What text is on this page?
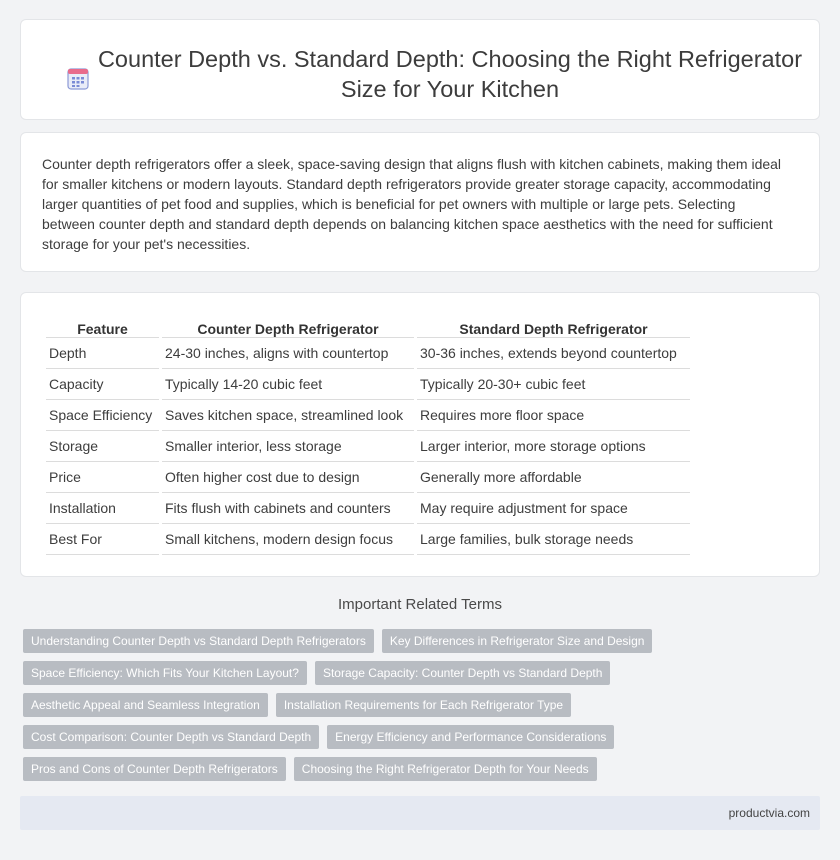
Counter Depth vs. Standard Depth: Choosing the Right Refrigerator Size for Your Kitchen

Counter depth refrigerators offer a sleek, space-saving design that aligns flush with kitchen cabinets, making them ideal for smaller kitchens or modern layouts. Standard depth refrigerators provide greater storage capacity, accommodating larger quantities of pet food and supplies, which is beneficial for pet owners with multiple or large pets. Selecting between counter depth and standard depth depends on balancing kitchen space aesthetics with the need for sufficient storage for your pet's necessities.

Feature	Counter Depth Refrigerator	Standard Depth Refrigerator
Depth	24-30 inches, aligns with countertop	30-36 inches, extends beyond countertop
Capacity	Typically 14-20 cubic feet	Typically 20-30+ cubic feet
Space Efficiency	Saves kitchen space, streamlined look	Requires more floor space
Storage	Smaller interior, less storage	Larger interior, more storage options
Price	Often higher cost due to design	Generally more affordable
Installation	Fits flush with cabinets and counters	May require adjustment for space
Best For	Small kitchens, modern design focus	Large families, bulk storage needs
Important Related Terms
Understanding Counter Depth vs Standard Depth Refrigerators	Key Differences in Refrigerator Size and Design
Space Efficiency: Which Fits Your Kitchen Layout?	Storage Capacity: Counter Depth vs Standard Depth
Aesthetic Appeal and Seamless Integration	Installation Requirements for Each Refrigerator Type
Cost Comparison: Counter Depth vs Standard Depth	Energy Efficiency and Performance Considerations
Pros and Cons of Counter Depth Refrigerators	Choosing the Right Refrigerator Depth for Your Needs
productvia.com
